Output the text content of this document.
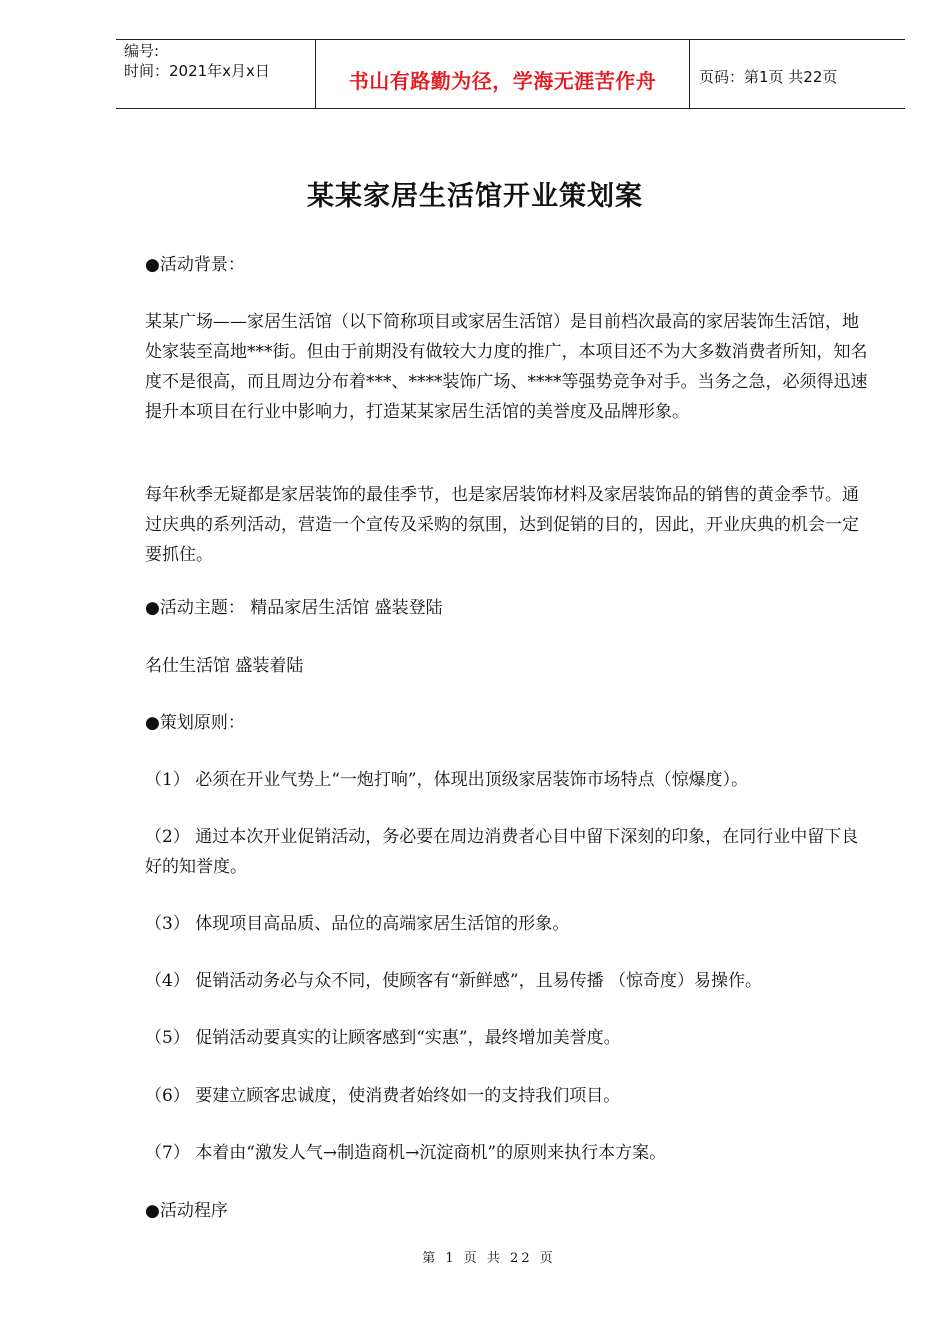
编号:
时间：2021年x月x日	书山有路勤为径，学海无涯苦作舟	页码：第1页 共22页
某某家居生活馆开业策划案

●活动背景：

某某广场——家居生活馆（以下简称项目或家居生活馆）是目前档次最高的家居装饰生活馆，地处家装至高地***街。但由于前期没有做较大力度的推广，本项目还不为大多数消费者所知，知名度不是很高，而且周边分布着***、****装饰广场、****等强势竞争对手。当务之急，必须得迅速提升本项目在行业中影响力，打造某某家居生活馆的美誉度及品牌形象。

每年秋季无疑都是家居装饰的最佳季节，也是家居装饰材料及家居装饰品的销售的黄金季节。通过庆典的系列活动，营造一个宣传及采购的氛围，达到促销的目的，因此，开业庆典的机会一定要抓住。

●活动主题： 精品家居生活馆 盛装登陆

名仕生活馆 盛装着陆

●策划原则：

（1） 必须在开业气势上“一炮打响”，体现出顶级家居装饰市场特点（惊爆度）。

（2） 通过本次开业促销活动，务必要在周边消费者心目中留下深刻的印象，在同行业中留下良好的知誉度。

（3） 体现项目高品质、品位的高端家居生活馆的形象。

（4） 促销活动务必与众不同，使顾客有“新鲜感”，且易传播 （惊奇度）易操作。

（5） 促销活动要真实的让顾客感到“实惠”，最终增加美誉度。

（6） 要建立顾客忠诚度，使消费者始终如一的支持我们项目。

（7） 本着由“激发人气→制造商机→沉淀商机”的原则来执行本方案。

●活动程序

第 1 页 共 22 页
